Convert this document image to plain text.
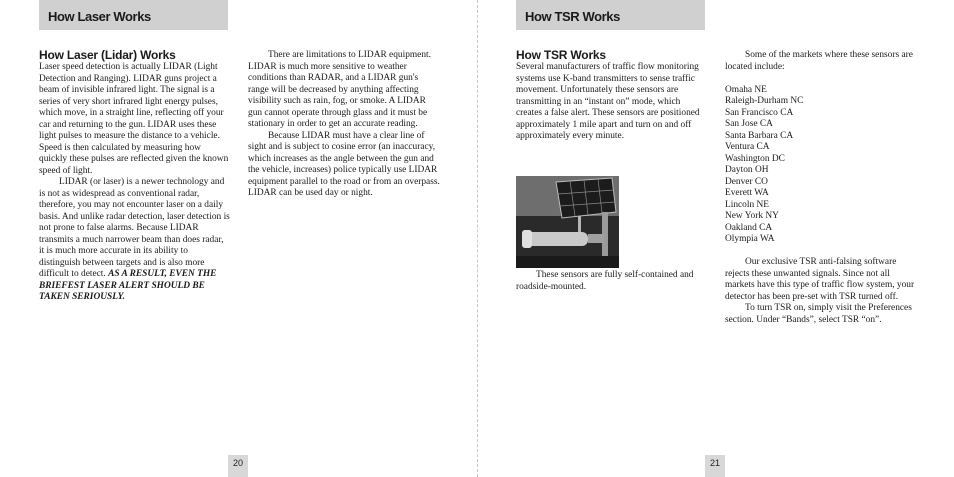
How Laser Works
How Laser (Lidar) Works

Laser speed detection is actually LIDAR (Light Detection and Ranging). LIDAR guns project a beam of invisible infrared light. The signal is a series of very short infrared light energy pulses, which move, in a straight line, reflecting off your car and returning to the gun. LIDAR uses these light pulses to measure the distance to a vehicle. Speed is then calculated by measuring how quickly these pulses are reflected given the known speed of light.

LIDAR (or laser) is a newer technology and is not as widespread as conventional radar, therefore, you may not encounter laser on a daily basis. And unlike radar detection, laser detection is not prone to false alarms. Because LIDAR transmits a much narrower beam than does radar, it is much more accurate in its ability to distinguish between targets and is also more difficult to detect. AS A RESULT, EVEN THE BRIEFEST LASER ALERT SHOULD BE TAKEN SERIOUSLY.

There are limitations to LIDAR equipment. LIDAR is much more sensitive to weather conditions than RADAR, and a LIDAR gun's range will be decreased by anything affecting visibility such as rain, fog, or smoke. A LIDAR gun cannot operate through glass and it must be stationary in order to get an accurate reading.

Because LIDAR must have a clear line of sight and is subject to cosine error (an inaccuracy, which increases as the angle between the gun and the vehicle, increases) police typically use LIDAR equipment parallel to the road or from an overpass. LIDAR can be used day or night.

20
How TSR Works
How TSR Works

Several manufacturers of traffic flow monitoring systems use K-band transmitters to sense traffic movement. Unfortunately these sensors are transmitting in an “instant on” mode, which creates a false alert. These sensors are positioned approximately 1 mile apart and turn on and off approximately every minute.

These sensors are fully self-contained and roadside-mounted.

Some of the markets where these sensors are located include:

Omaha NE
Raleigh-Durham NC
San Francisco CA
San Jose CA
Santa Barbara CA
Ventura CA
Washington DC
Dayton OH
Denver CO
Everett WA
Lincoln NE
New York NY
Oakland CA
Olympia WA

Our exclusive TSR anti-falsing software rejects these unwanted signals. Since not all markets have this type of traffic flow system, your detector has been pre-set with TSR turned off.

To turn TSR on, simply visit the Preferences section. Under “Bands”, select TSR “on”.

21
